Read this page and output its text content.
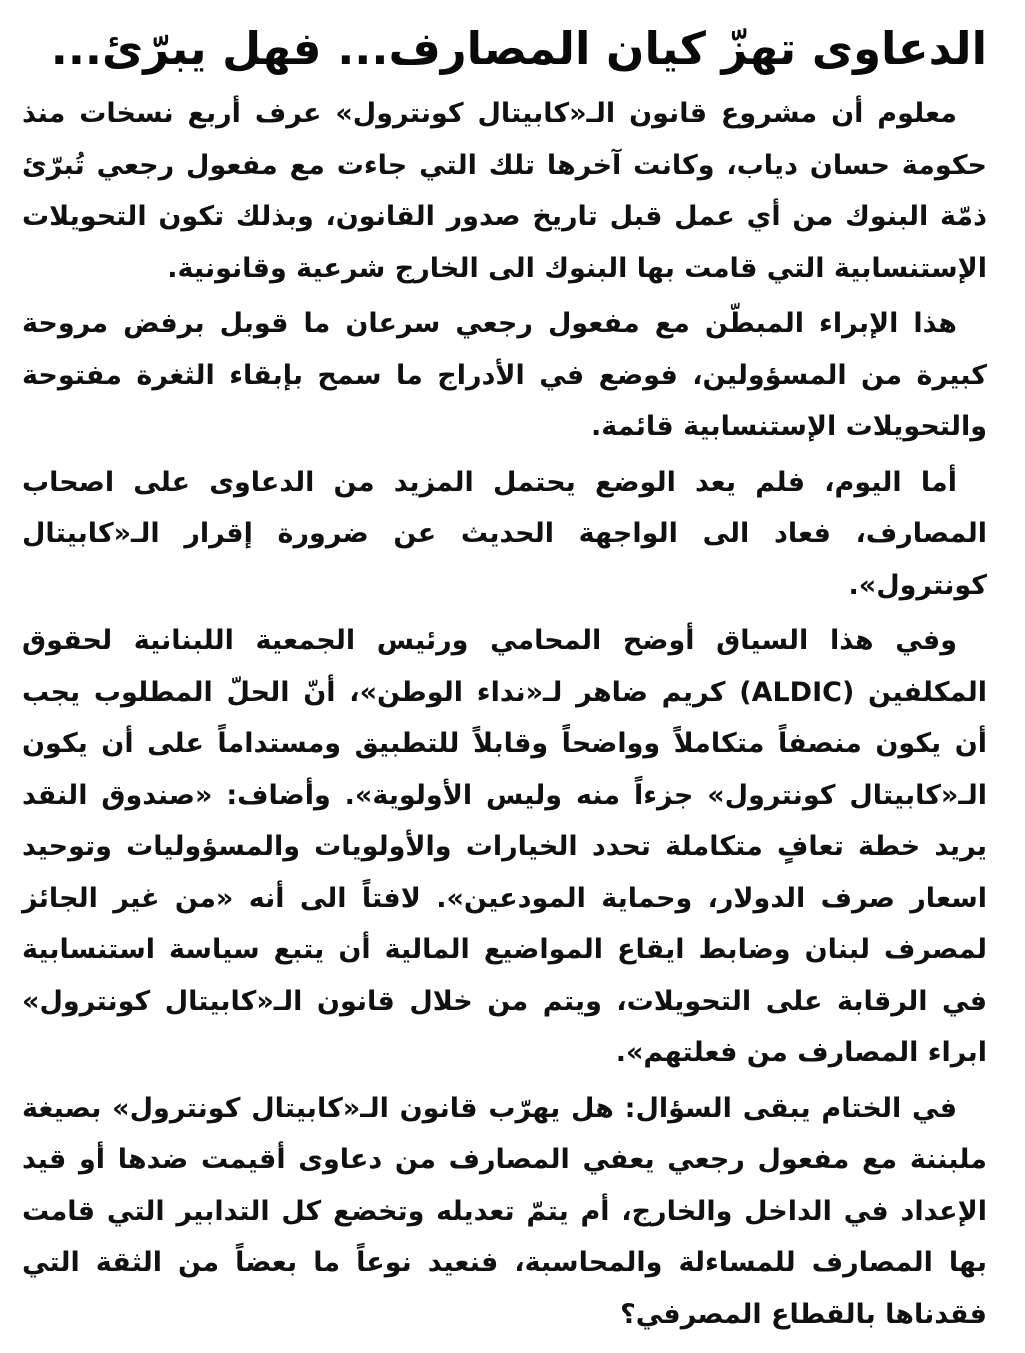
الدعاوى تهزّ كيان المصارف... فهل يبرّئ...

معلوم أن مشروع قانون الـ«كابيتال كونترول» عرف أربع نسخات منذ حكومة حسان دياب، وكانت آخرها تلك التي جاءت مع مفعول رجعي تُبرّئ ذمّة البنوك من أي عمل قبل تاريخ صدور القانون، وبذلك تكون التحويلات الإستنسابية التي قامت بها البنوك الى الخارج شرعية وقانونية.

هذا الإبراء المبطّن مع مفعول رجعي سرعان ما قوبل برفض مروحة كبيرة من المسؤولين، فوضع في الأدراج ما سمح بإبقاء الثغرة مفتوحة والتحويلات الإستنسابية قائمة.

أما اليوم، فلم يعد الوضع يحتمل المزيد من الدعاوى على اصحاب المصارف، فعاد الى الواجهة الحديث عن ضرورة إقرار الـ«كابيتال كونترول».

وفي هذا السياق أوضح المحامي ورئيس الجمعية اللبنانية لحقوق المكلفين (ALDIC) كريم ضاهر لـ«نداء الوطن»، أنّ الحلّ المطلوب يجب أن يكون منصفاً متكاملاً وواضحاً وقابلاً للتطبيق ومستداماً على أن يكون الـ«كابيتال كونترول» جزءاً منه وليس الأولوية». وأضاف: «صندوق النقد يريد خطة تعافٍ متكاملة تحدد الخيارات والأولويات والمسؤوليات وتوحيد اسعار صرف الدولار، وحماية المودعين». لافتاً الى أنه «من غير الجائز لمصرف لبنان وضابط ايقاع المواضيع المالية أن يتبع سياسة استنسابية في الرقابة على التحويلات، ويتم من خلال قانون الـ«كابيتال كونترول» ابراء المصارف من فعلتهم».

في الختام يبقى السؤال: هل يهرّب قانون الـ«كابيتال كونترول» بصيغة ملبننة مع مفعول رجعي يعفي المصارف من دعاوى أقيمت ضدها أو قيد الإعداد في الداخل والخارج، أم يتمّ تعديله وتخضع كل التدابير التي قامت بها المصارف للمساءلة والمحاسبة، فنعيد نوعاً ما بعضاً من الثقة التي فقدناها بالقطاع المصرفي؟
